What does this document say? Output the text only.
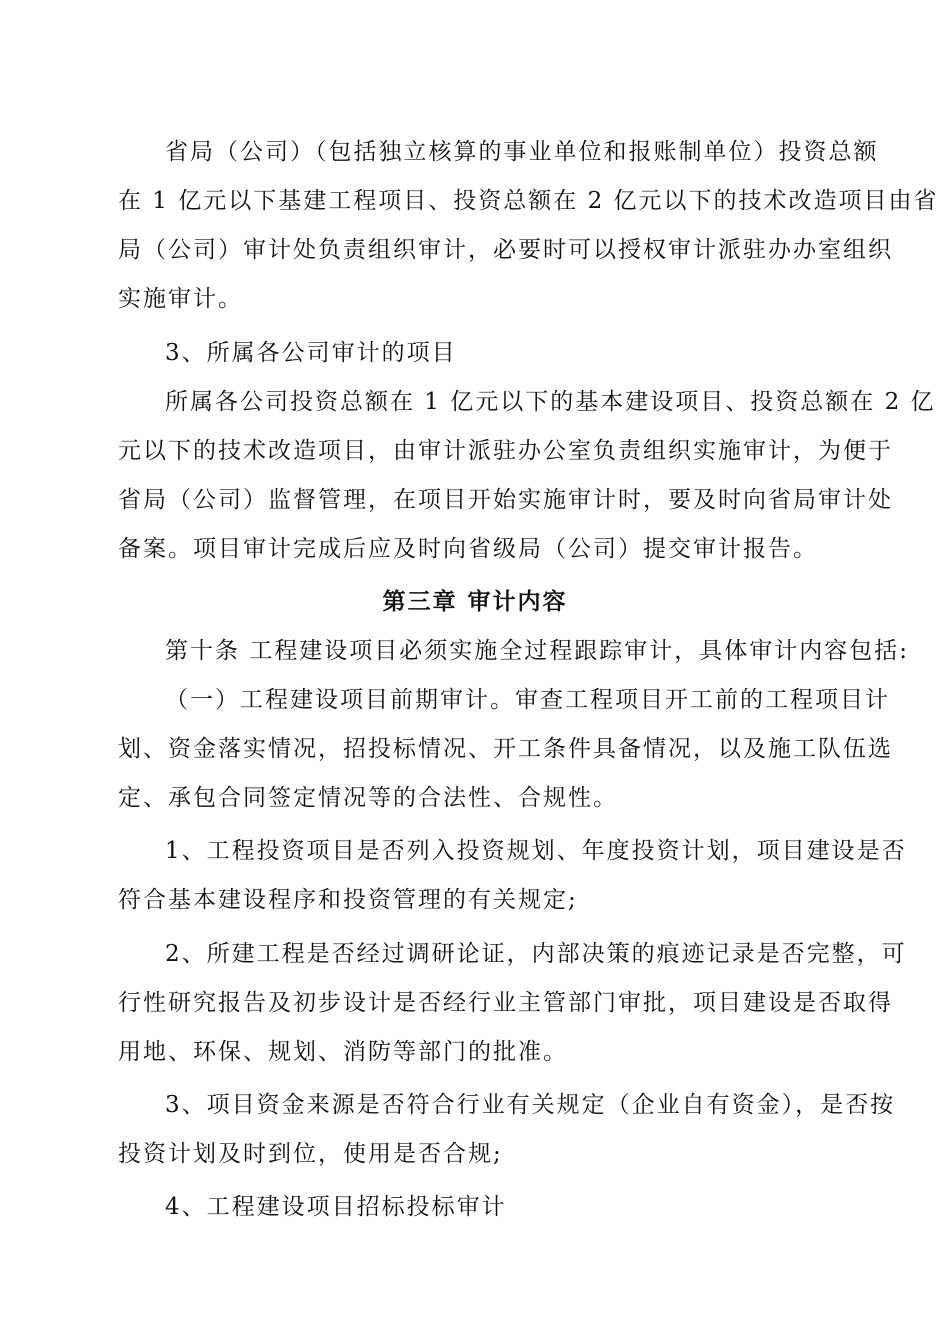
省局（公司）（包括独立核算的事业单位和报账制单位）投资总额
在 1 亿元以下基建工程项目、投资总额在 2 亿元以下的技术改造项目由省
局（公司）审计处负责组织审计，必要时可以授权审计派驻办办室组织
实施审计。
3、所属各公司审计的项目
所属各公司投资总额在 1 亿元以下的基本建设项目、投资总额在 2 亿
元以下的技术改造项目，由审计派驻办公室负责组织实施审计，为便于
省局（公司）监督管理，在项目开始实施审计时，要及时向省局审计处
备案。项目审计完成后应及时向省级局（公司）提交审计报告。
第三章 审计内容
第十条 工程建设项目必须实施全过程跟踪审计，具体审计内容包括:
（一）工程建设项目前期审计。审查工程项目开工前的工程项目计
划、资金落实情况，招投标情况、开工条件具备情况，以及施工队伍选
定、承包合同签定情况等的合法性、合规性。
1、工程投资项目是否列入投资规划、年度投资计划，项目建设是否
符合基本建设程序和投资管理的有关规定;
2、所建工程是否经过调研论证，内部决策的痕迹记录是否完整，可
行性研究报告及初步设计是否经行业主管部门审批，项目建设是否取得
用地、环保、规划、消防等部门的批准。
3、项目资金来源是否符合行业有关规定（企业自有资金），是否按
投资计划及时到位，使用是否合规;
4、工程建设项目招标投标审计
